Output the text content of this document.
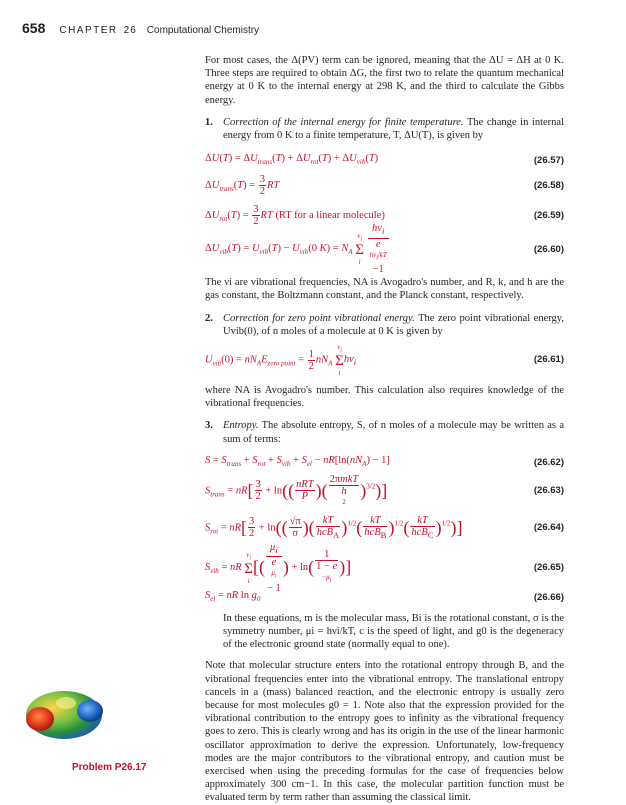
658 CHAPTER 26 Computational Chemistry

For most cases, the Δ(PV) term can be ignored, meaning that the ΔU = ΔH at 0 K. Three steps are required to obtain ΔG, the first two to relate the quantum mechanical energy at 0 K to the internal energy at 298 K, and the third to calculate the Gibbs energy.

1. Correction of the internal energy for finite temperature. The change in internal energy from 0 K to a finite temperature, T, ΔU(T), is given by

$\Delta U(T) = \Delta U_{trans}(T) + \Delta U_{rot}(T) + \Delta U_{vib}(T)$	(26.57)
$\Delta U_{trans}(T) = \frac{3}{2}$ RT	(26.58)
$\Delta U_{rot}(T) = \frac{3}{2}$ RT (RT for a linear molecule)	(26.59)
$\Delta U_{vib}(T) = U_{vib}(T) - U_{vib}(0$ $K) = N_A$
$\nu_i$
Σ
i
$h\nu_i$
e
$h\nu_i/kT$
−1	(26.60)

The νi are vibrational frequencies, NA is Avogadro's number, and R, k, and h are the gas constant, the Boltzmann constant, and the Planck constant, respectively.

2. Correction for zero point vibrational energy. The zero point vibrational energy, Uvib(0), of n moles of a molecule at 0 K is given by

$U_{vib}(0) = nN_AE_{zero point} = \frac{1}{2} nN_A$
$\nu_i$
Σ
i
$h\nu_i$	(26.61)

where NA is Avogadro's number. This calculation also requires knowledge of the vibrational frequencies.

3. Entropy. The absolute entropy, S, of n moles of a molecule may be written as a sum of terms:

$S = S_{trans} + S_{rot} + S_{vib} + S_{el} - nR[\ln(nN_A) - 1]$	(26.62)
$S_{trans} = nR[ \frac{3}{2} + \ln(( \frac{\text{nRT}}{P}$ )( 2πmkT
h
2 )$^{3/2}$)]	(26.63)
$S_{rot} = nR[ \frac{3}{2} + \ln(( \frac{√\pi}{\sigma}$ )( $\frac{kT}{hcB_A} )^{1/2}( \frac{kT}{hcB_B} )^{1/2}( \frac{kT}{hcB_C} )^{1/2}$)]	(26.64)
$S_{vib}$ = nR
$\nu_i$
Σ
i
[( $\mu_i$
e
$\mu_i$
− 1 ) + ln( 1
1 − e
$-\mu_i$ )]	(26.65)
$S_{el}$ = nR $\ln g_0$	(26.66)

In these equations, m is the molecular mass, Bi is the rotational constant, σ is the symmetry number, μi = hνi/kT, c is the speed of light, and g0 is the degeneracy of the electronic ground state (normally equal to one).

Note that molecular structure enters into the rotational entropy through B, and the vibrational frequencies enter into the vibrational entropy. The translational entropy cancels in a (mass) balanced reaction, and the electronic entropy is usually zero because for most molecules g0 = 1. Note also that the expression provided for the vibrational contribution to the entropy goes to infinity as the vibrational frequency goes to zero. This is clearly wrong and has its origin in the use of the linear harmonic oscillator approximation to derive the expression. Unfortunately, low-frequency modes are the major contributors to the vibrational entropy, and caution must be exercised when using the preceding formulas for the case of frequencies below approximately 300 cm−1. In this case, the molecular partition function must be evaluated term by term rather than assuming the classical limit.

Problem P26.17
